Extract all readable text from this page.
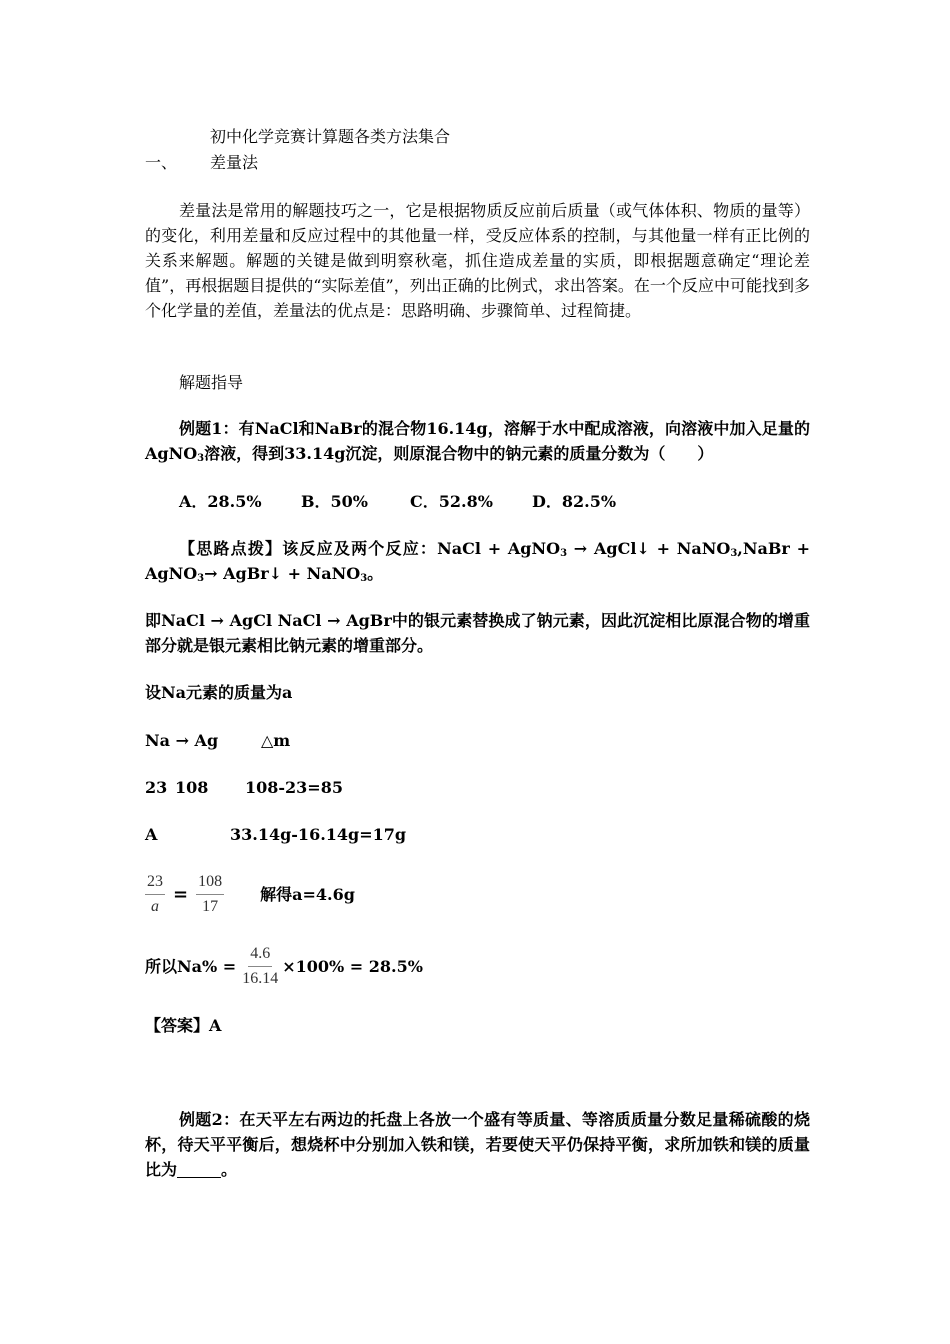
初中化学竞赛计算题各类方法集合
一、 差量法
差量法是常用的解题技巧之一，它是根据物质反应前后质量（或气体体积、物质的量等）的变化，利用差量和反应过程中的其他量一样，受反应体系的控制，与其他量一样有正比例的关系来解题。解题的关键是做到明察秋毫，抓住造成差量的实质，即根据题意确定“理论差值”，再根据题目提供的“实际差值”，列出正确的比例式，求出答案。在一个反应中可能找到多个化学量的差值，差量法的优点是：思路明确、步骤简单、过程简捷。
解题指导
例题1：有NaCl和NaBr的混合物16.14g，溶解于水中配成溶液，向溶液中加入足量的AgNO$_3$溶液，得到33.14g沉淀，则原混合物中的钠元素的质量分数为（　　）
A．28.5% B．50%	C．52.8% D．82.5%
【思路点拨】该反应及两个反应：NaCl + AgNO$_3$ → AgCl↓ + NaNO$_3$,NaBr + AgNO$_3$→ AgBr↓ + NaNO$_3$。
即NaCl → AgCl NaCl → AgBr中的银元素替换成了钠元素，因此沉淀相比原混合物的增重部分就是银元素相比钠元素的增重部分。
设Na元素的质量为a
Na → Ag	△m
23 108 108-23=85
A	33.14g-16.14g=17g
$\frac{23}{a} = \frac{108}{17}$ 解得a=4.6g
所以$Na\% = \frac{4.6}{16.14} \times 100\% = 28.5\%$
【答案】A
例题2：在天平左右两边的托盘上各放一个盛有等质量、等溶质质量分数足量稀硫酸的烧杯，待天平平衡后，想烧杯中分别加入铁和镁，若要使天平仍保持平衡，求所加铁和镁的质量比为	。
